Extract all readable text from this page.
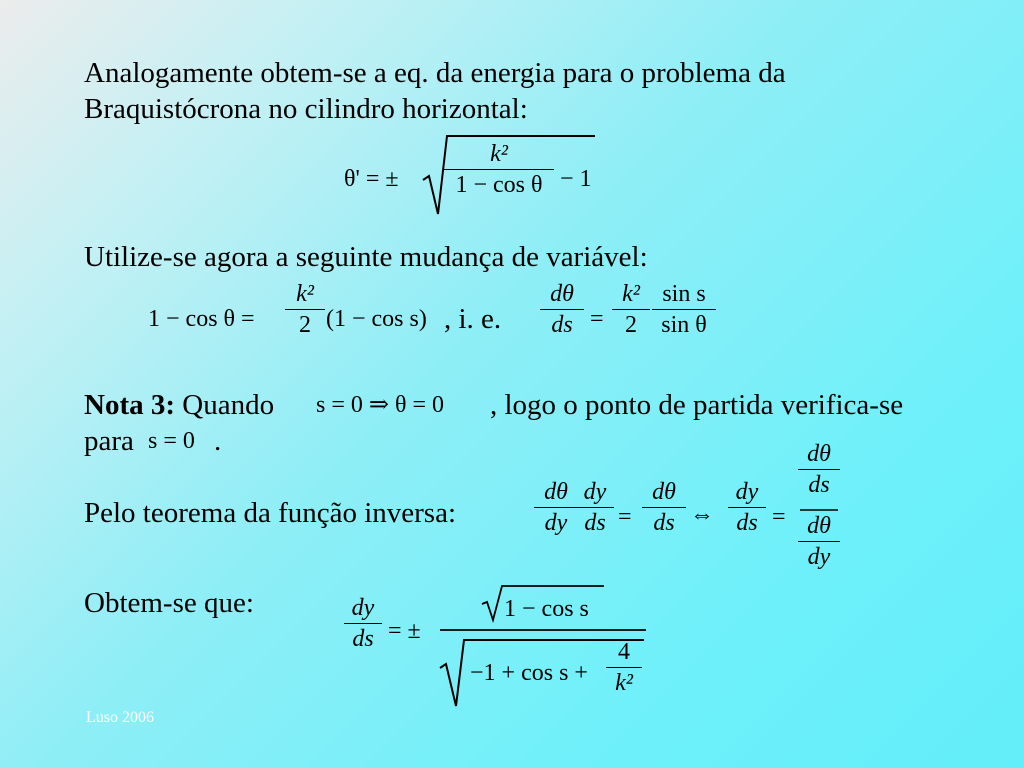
Analogamente obtem-se a eq. da energia para o problema da
Braquistócrona no cilindro horizontal:
θ' = ±
k²
1 − cos θ − 1
Utilize-se agora a seguinte mudança de variável:
1 − cos θ =
k²
2 (1 − cos s) , i. e.
dθ
ds =
k²
2
sin s
sin θ
Nota 3: Quando s = 0 ⇒ θ = 0 , logo o ponto de partida verifica-se
para s = 0 .
Pelo teorema da função inversa:
dθ
dy
dy
ds =
dθ
ds ⇔
dy
ds =
dθ
ds
dθ
dy
Obtem-se que:	dy
ds = ±
1 − cos s
−1 + cos s +
4
k²
Luso 2006
